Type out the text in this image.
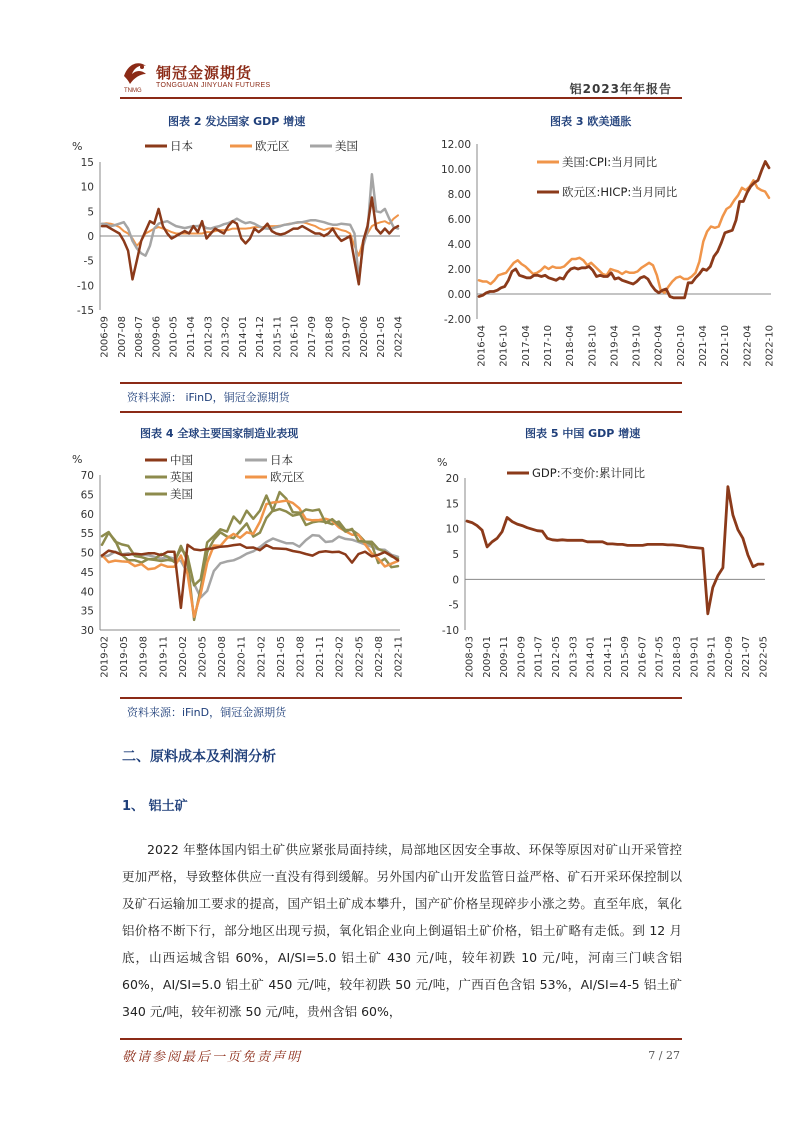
TNMG
铜冠金源期货
TONGGUAN JINYUAN FUTURES	铝2023年年报告
图表 2 发达国家 GDP 增速	图表 3 欧美通胀
%
15
10
5
0
-5
-10
-15
2006-09 2007-08 2008-07 2009-06 2010-05 2011-04 2012-03 2013-02 2014-01 2014-12 2015-11 2016-10 2017-09 2018-08 2019-07 2020-06 2021-05 2022-04
日本	欧元区	美国	12.00
10.00
8.00
6.00
4.00
2.00
0.00
-2.00
2016-04 2016-10 2017-04 2017-10 2018-04 2018-10 2019-04 2019-10 2020-04 2020-10 2021-04 2021-10 2022-04 2022-10
美国:CPI:当月同比
欧元区:HICP:当月同比
资料来源： iFinD，铜冠金源期货
图表 4 全球主要国家制造业表现	图表 5 中国 GDP 增速
%
70
65
60
55
50
45
40
35
30
2019-02 2019-05 2019-08 2019-11 2020-02 2020-05 2020-08 2020-11 2021-02 2021-05 2021-08 2021-11 2022-02 2022-05 2022-08 2022-11
中国	日本
英国	欧元区
美国
%
20
15
10
5
0
-5
-10
2008-03 2009-01 2009-11 2010-09 2011-07 2012-05 2013-03 2014-01 2014-11 2015-09 2016-07 2017-05 2018-03 2019-01 2019-11 2020-09 2021-07 2022-05
GDP:不变价:累计同比
资料来源：iFinD，铜冠金源期货
二、原料成本及利润分析
1、 铝土矿

2022 年整体国内铝土矿供应紧张局面持续，局部地区因安全事故、环保等原因对矿山开采管控更加严格，导致整体供应一直没有得到缓解。另外国内矿山开发监管日益严格、矿石开采环保控制以及矿石运输加工要求的提高，国产铝土矿成本攀升，国产矿价格呈现碎步小涨之势。直至年底，氧化铝价格不断下行，部分地区出现亏损，氧化铝企业向上倒逼铝土矿价格，铝土矿略有走低。到 12 月底，山西运城含铝 60%，AI/SI=5.0 铝土矿 430 元/吨，较年初跌 10 元/吨，河南三门峡含铝 60%，AI/SI=5.0 铝土矿 450 元/吨，较年初跌 50 元/吨，广西百色含铝 53%，AI/SI=4-5 铝土矿 340 元/吨，较年初涨 50 元/吨，贵州含铝 60%，

敬请参阅最后一页免责声明	7 / 27
